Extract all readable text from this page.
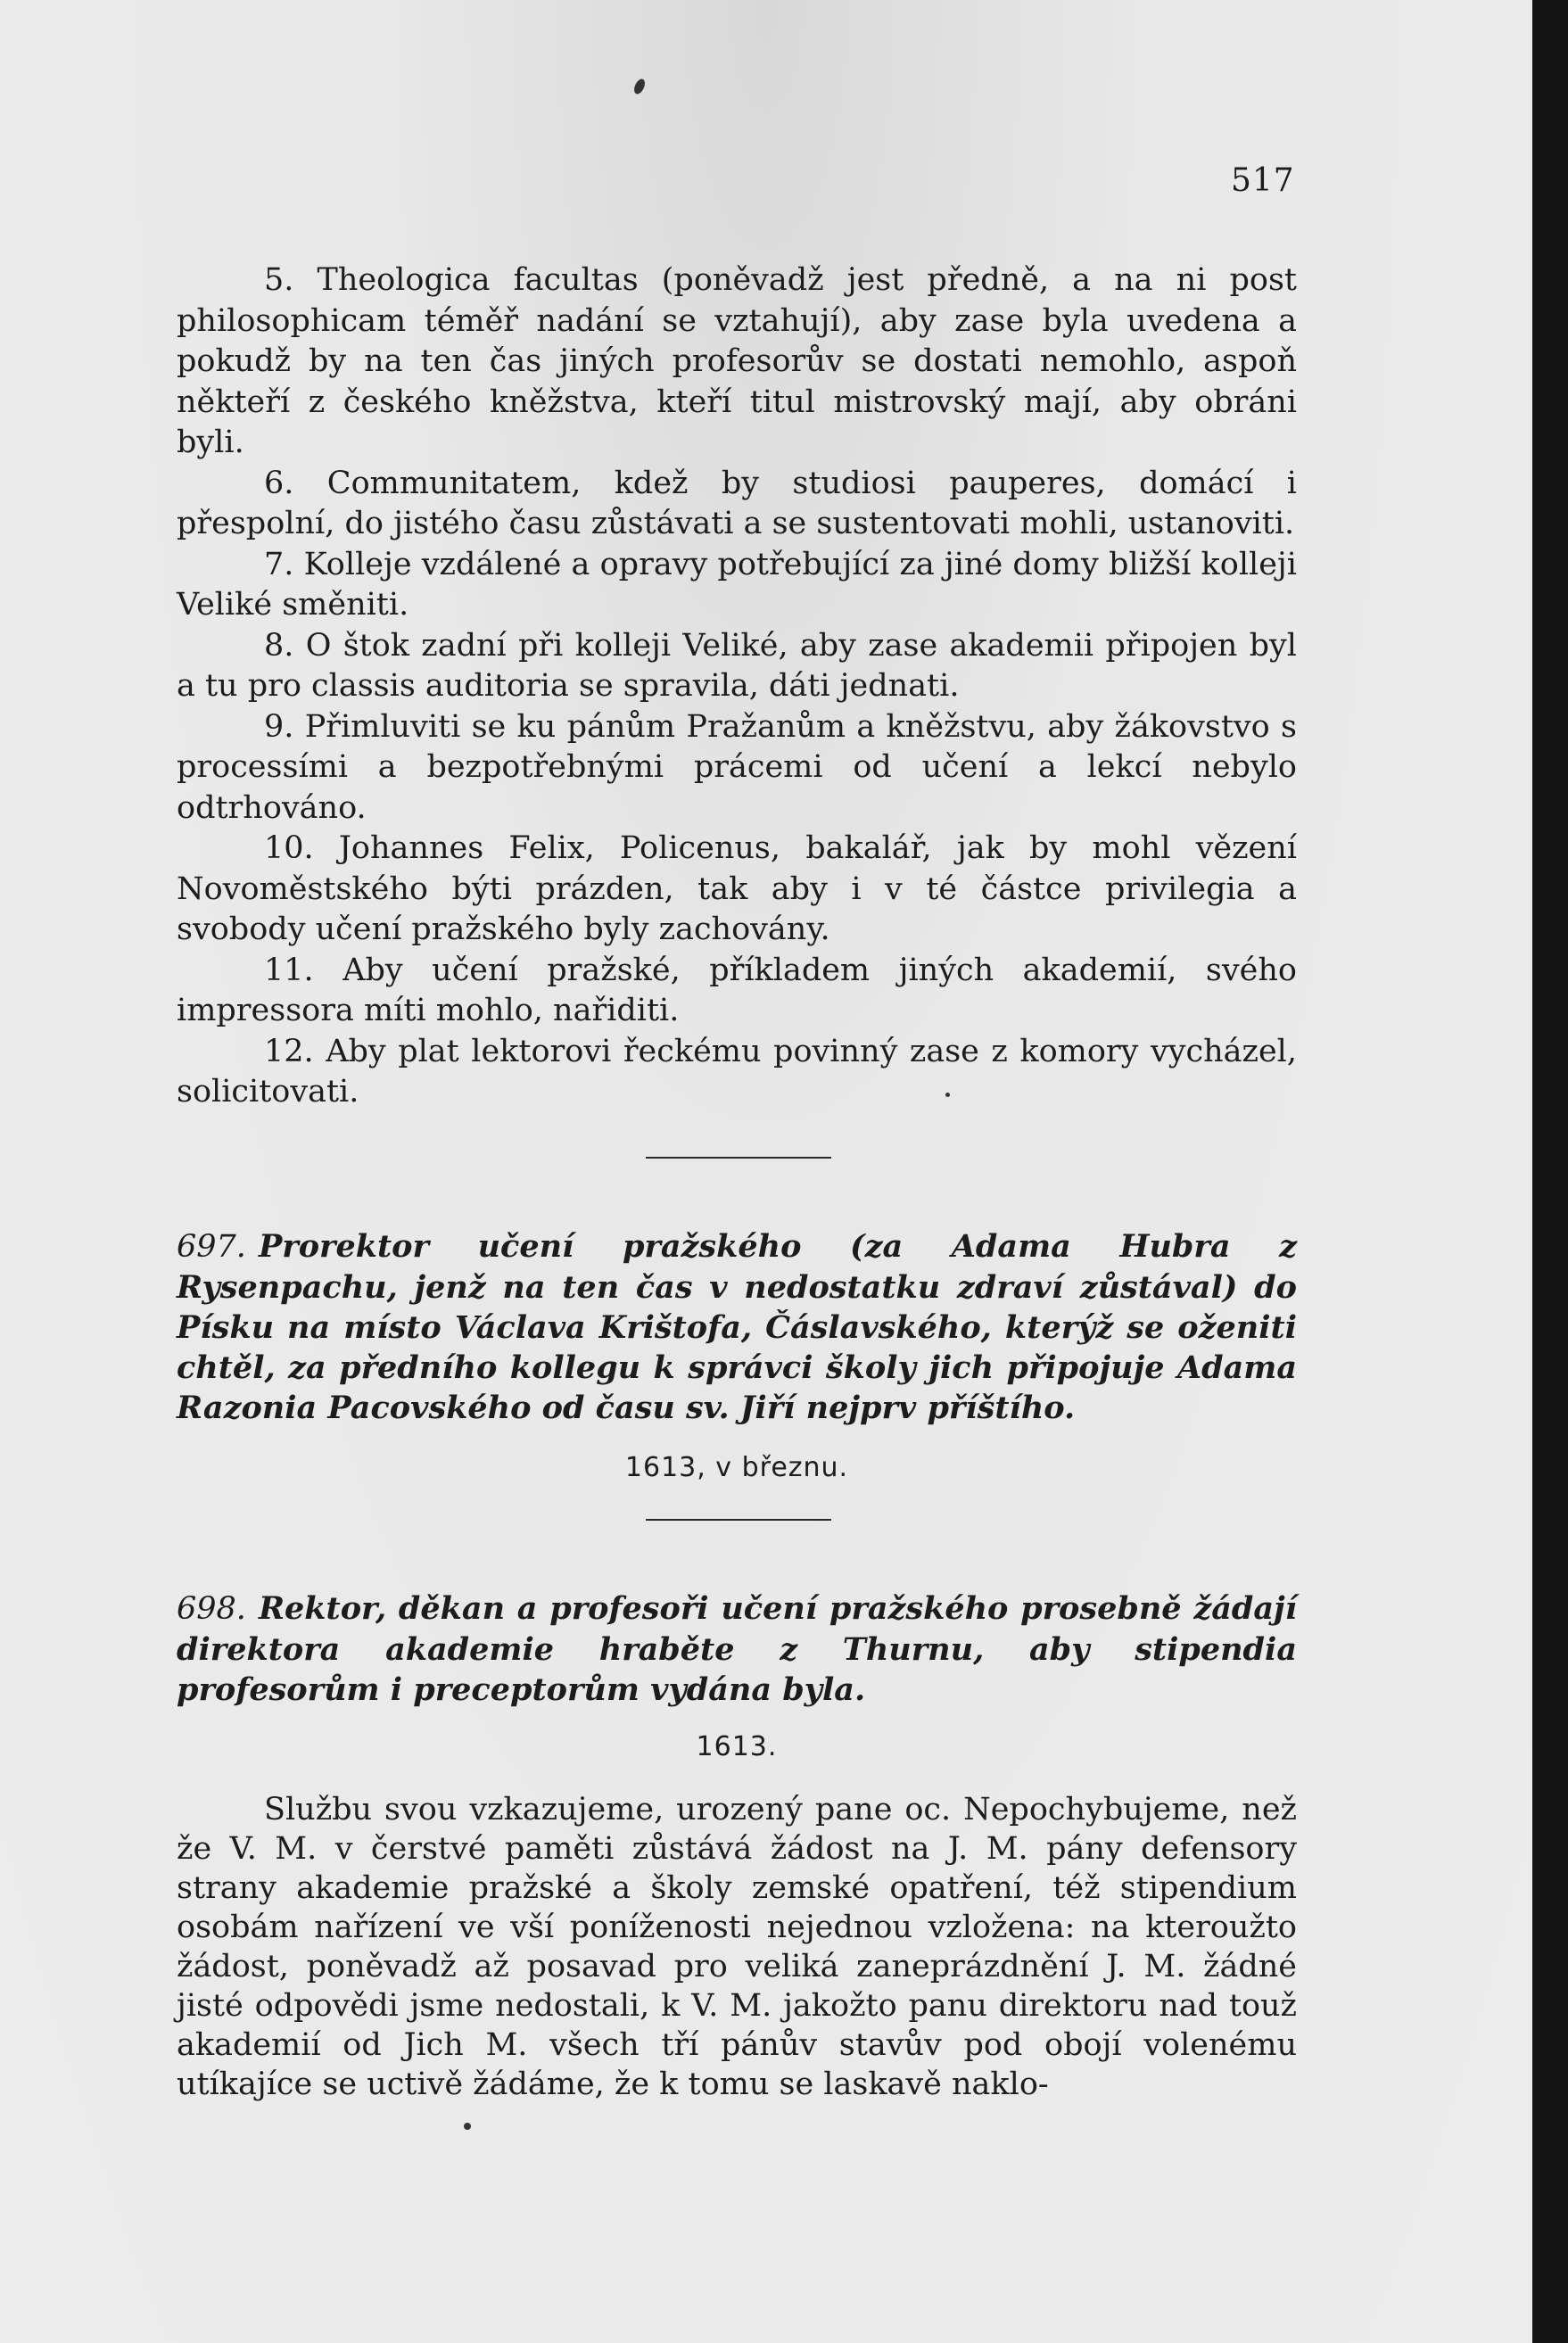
517

5. Theologica facultas (poněvadž jest předně, a na ni post philosophicam téměř nadání se vztahují), aby zase byla uvedena a pokudž by na ten čas jiných profesorův se dostati nemohlo, aspoň někteří z českého kněžstva, kteří titul mistrovský mají, aby obráni byli.

6. Communitatem, kdež by studiosi pauperes, domácí i přespolní, do jistého času zůstávati a se sustentovati mohli, ustanoviti.

7. Kolleje vzdálené a opravy potřebující za jiné domy bližší kolleji Veliké směniti.

8. O štok zadní při kolleji Veliké, aby zase akademii připojen byl a tu pro classis auditoria se spravila, dáti jednati.

9. Přimluviti se ku pánům Pražanům a kněžstvu, aby žákovstvo s processími a bezpotřebnými prácemi od učení a lekcí nebylo odtrhováno.

10. Johannes Felix, Policenus, bakalář, jak by mohl vězení Novoměstského býti prázden, tak aby i v té částce privilegia a svobody učení pražského byly zachovány.

11. Aby učení pražské, příkladem jiných akademií, svého impressora míti mohlo, nařiditi.

12. Aby plat lektorovi řeckému povinný zase z komory vycházel, solicitovati.

697. Prorektor učení pražského (za Adama Hubra z Rysenpachu, jenž na ten čas v nedostatku zdraví zůstával) do Písku na místo Václava Krištofa, Čáslavského, kterýž se oženiti chtěl, za předního kollegu k správci školy jich připojuje Adama Razonia Pacovského od času sv. Jiří nejprv příštího.
1613, v březnu.
698. Rektor, děkan a profesoři učení pražského prosebně žádají direktora akademie hraběte z Thurnu, aby stipendia profesorům i preceptorům vydána byla.
1613.

Službu svou vzkazujeme, urozený pane oc. Nepochybujeme, než že V. M. v čerstvé paměti zůstává žádost na J. M. pány defensory strany akademie pražské a školy zemské opatření, též stipendium osobám nařízení ve vší poníženosti nejednou vzložena: na kteroužto žádost, poněvadž až posavad pro veliká zaneprázdnění J. M. žádné jisté odpovědi jsme nedostali, k V. M. jakožto panu direktoru nad touž akademií od Jich M. všech tří pánův stavův pod obojí volenému utíkajíce se uctivě žádáme, že k tomu se laskavě naklo-
